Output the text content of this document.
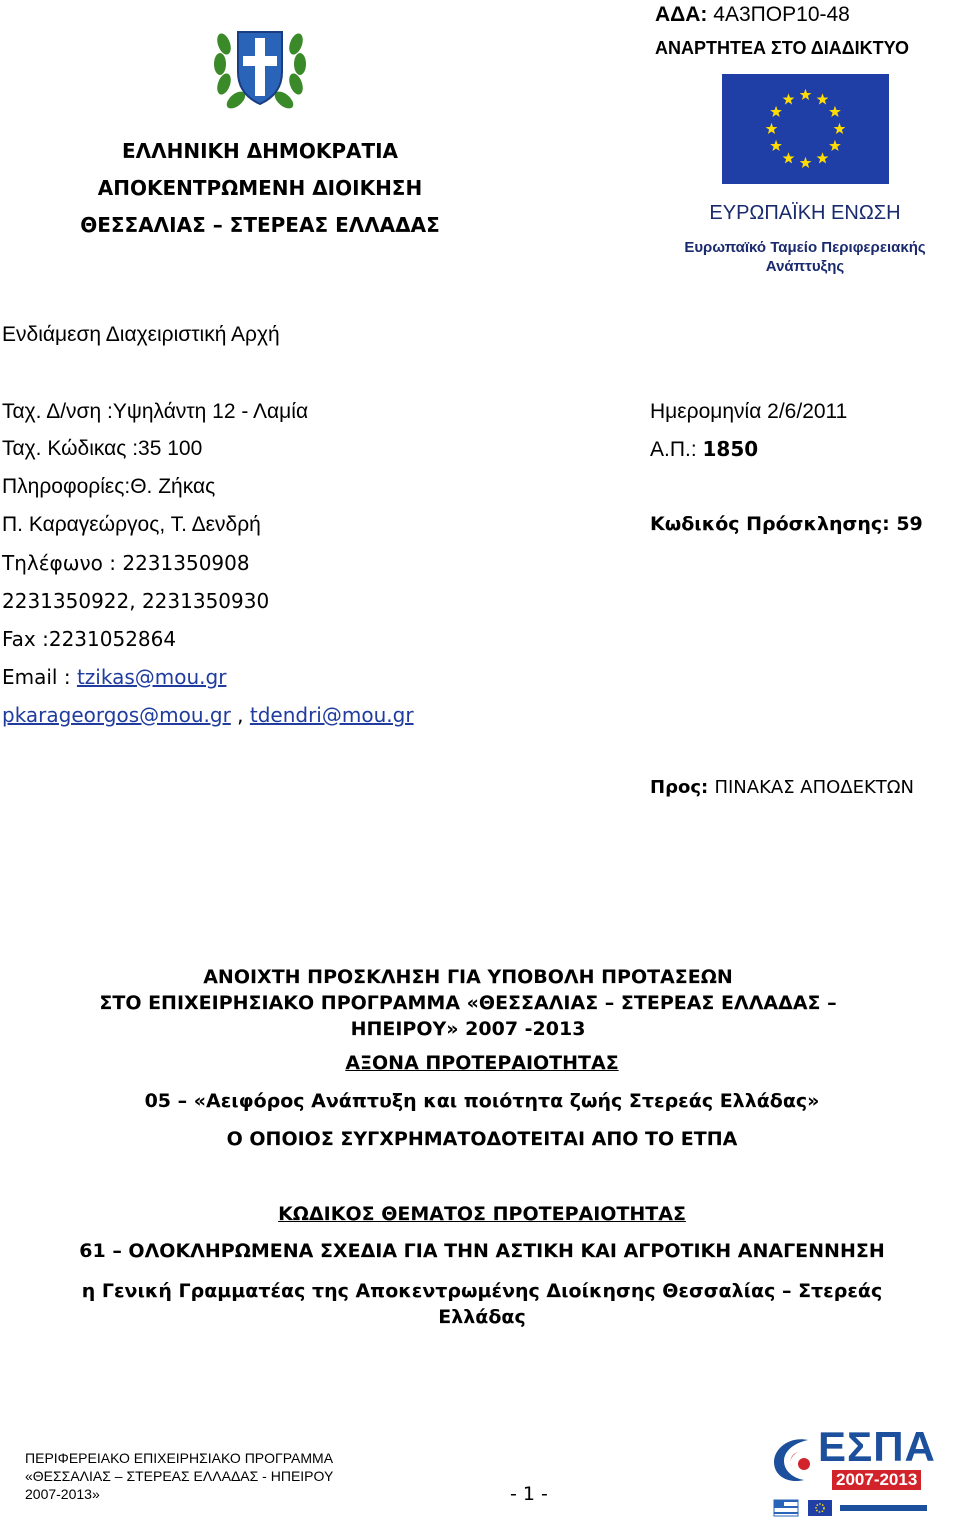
ΕΛΛΗΝΙΚΗ ΔΗΜΟΚΡΑΤΙΑ
ΑΠΟΚΕΝΤΡΩΜΕΝΗ ΔΙΟΙΚΗΣΗ
ΘΕΣΣΑΛΙΑΣ – ΣΤΕΡΕΑΣ ΕΛΛΑΔΑΣ
ΑΔΑ: 4Α3ΠΟΡ10-48
ΑΝΑΡΤΗΤΕΑ ΣΤΟ ΔΙΑΔΙΚΤΥΟ
ΕΥΡΩΠΑΪΚΗ ΕΝΩΣΗ
Ευρωπαϊκό Ταμείο Περιφερειακής
Ανάπτυξης
Ενδιάμεση Διαχειριστική Αρχή
Ταχ. Δ/νση :Υψηλάντη 12 - Λαμία
Ταχ. Κώδικας :35 100
Πληροφορίες:Θ. Ζήκας
Π. Καραγεώργος, Τ. Δενδρή
Τηλέφωνο : 2231350908
2231350922, 2231350930
Fax :2231052864
Email : tzikas@mou.gr
pkarageorgos@mou.gr , tdendri@mou.gr
Ημερομηνία 2/6/2011
Α.Π.: 1850
Κωδικός Πρόσκλησης: 59
Προς: ΠΙΝΑΚΑΣ ΑΠΟΔΕΚΤΩΝ
ΑΝΟΙΧΤΗ ΠΡΟΣΚΛΗΣΗ ΓΙΑ ΥΠΟΒΟΛΗ ΠΡΟΤΑΣΕΩΝ
ΣΤΟ ΕΠΙΧΕΙΡΗΣΙΑΚΟ ΠΡΟΓΡΑΜΜΑ «ΘΕΣΣΑΛΙΑΣ – ΣΤΕΡΕΑΣ ΕΛΛΑΔΑΣ –
ΗΠΕΙΡΟΥ» 2007 -2013
ΑΞΟΝΑ ΠΡΟΤΕΡΑΙΟΤΗΤΑΣ
05 – «Αειφόρος Ανάπτυξη και ποιότητα ζωής Στερεάς Ελλάδας»
Ο ΟΠΟΙΟΣ ΣΥΓΧΡΗΜΑΤΟΔΟΤΕΙΤΑΙ ΑΠΟ ΤΟ ΕΤΠΑ
ΚΩΔΙΚΟΣ ΘΕΜΑΤΟΣ ΠΡΟΤΕΡΑΙΟΤΗΤΑΣ
61 – ΟΛΟΚΛΗΡΩΜΕΝΑ ΣΧΕΔΙΑ ΓΙΑ ΤΗΝ ΑΣΤΙΚΗ ΚΑΙ ΑΓΡΟΤΙΚΗ ΑΝΑΓΕΝΝΗΣΗ
η Γενική Γραμματέας της Αποκεντρωμένης Διοίκησης Θεσσαλίας – Στερεάς
Ελλάδας
ΠΕΡΙΦΕΡΕΙΑΚΟ ΕΠΙΧΕΙΡΗΣΙΑΚΟ ΠΡΟΓΡΑΜΜΑ
«ΘΕΣΣΑΛΙΑΣ – ΣΤΕΡΕΑΣ ΕΛΛΑΔΑΣ - ΗΠΕΙΡΟΥ
2007-2013»	- 1 -
ΕΣΠΑ
2007-2013
